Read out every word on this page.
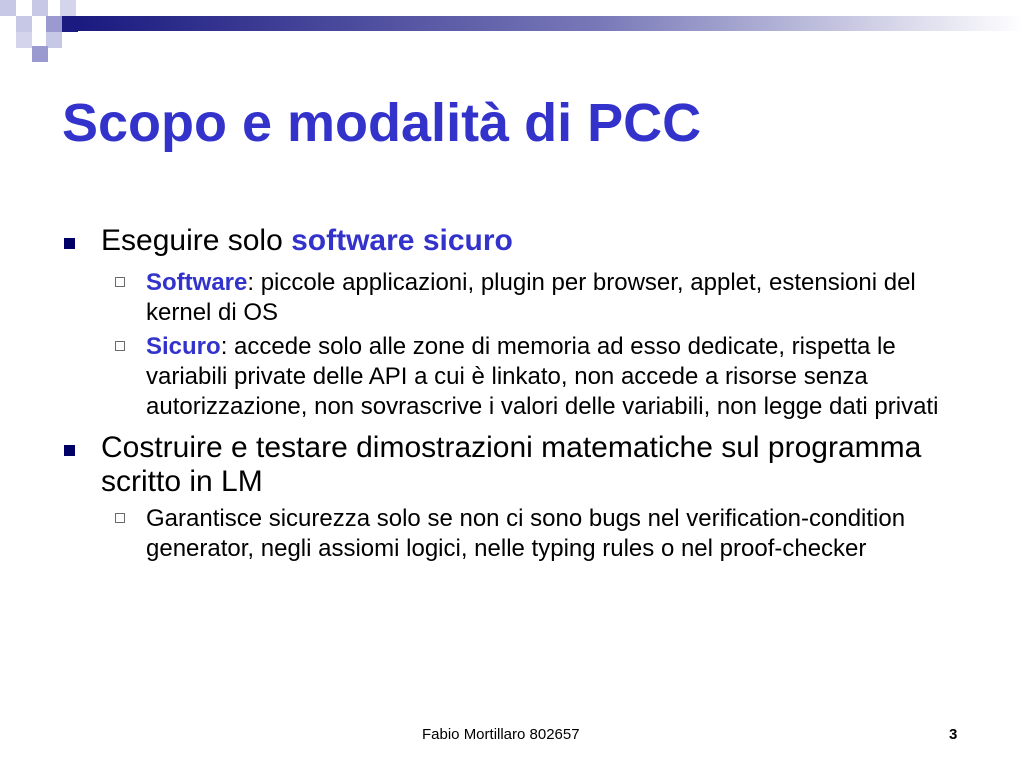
Scopo e modalità di PCC
Eseguire solo software sicuro
Software: piccole applicazioni, plugin per browser, applet, estensioni del kernel di OS
Sicuro: accede solo alle zone di memoria ad esso dedicate, rispetta le variabili private delle API a cui è linkato, non accede a risorse senza autorizzazione, non sovrascrive i valori delle variabili, non legge dati privati
Costruire e testare dimostrazioni matematiche sul programma scritto in LM
Garantisce sicurezza solo se non ci sono bugs nel verification-condition generator, negli assiomi logici, nelle typing rules o nel proof-checker
Fabio Mortillaro 802657	3
